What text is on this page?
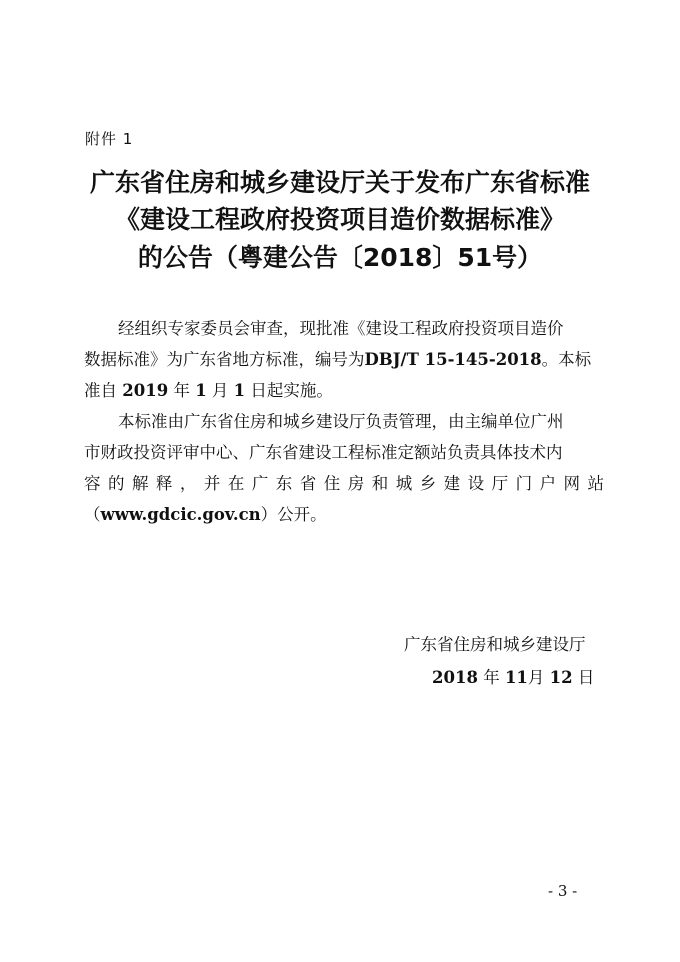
附件 1
广东省住房和城乡建设厅关于发布广东省标准
《建设工程政府投资项目造价数据标准》
的公告（粤建公告〔2018〕51号）
经组织专家委员会审查，现批准《建设工程政府投资项目造价
数据标准》为广东省地方标准，编号为DBJ/T 15-145-2018。本标
准自 2019 年 1 月 1 日起实施。
本标准由广东省住房和城乡建设厅负责管理，由主编单位广州
市财政投资评审中心、广东省建设工程标准定额站负责具体技术内
容的解释，并在广东省住房和城乡建设厅门户网站
（www.gdcic.gov.cn）公开。
广东省住房和城乡建设厅
2018 年 11月 12 日
- 3 -
